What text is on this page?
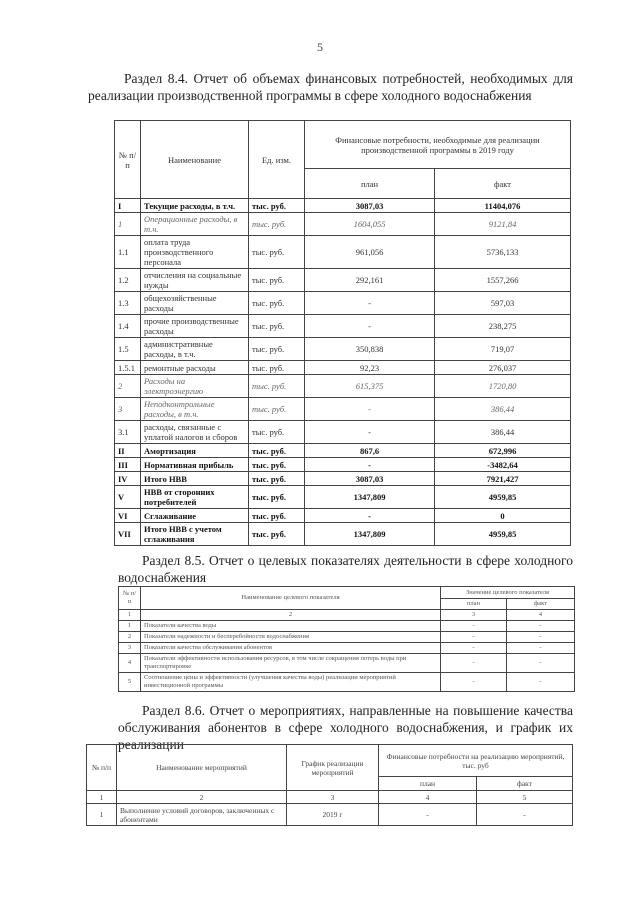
5
Раздел 8.4. Отчет об объемах финансовых потребностей, необходимых для реализации производственной программы в сфере холодного водоснабжения
№ п/п	Наименование	Ед. изм.	Финансовые потребности, необходимые для реализации производственной программы в 2019 году	
			план	факт
I	Текущие расходы, в т.ч.	тыс. руб.	3087,03	11404,076
1	Операционные расходы, в т.ч.	тыс. руб.	1604,055	9121,84
1.1	оплата труда производственного персонала	тыс. руб.	961,056	5736,133
1.2	отчисления на социальные нужды	тыс. руб.	292,161	1557,266
1.3	общехозяйственные расходы	тыс. руб.	-	597,03
1.4	прочие производственные расходы	тыс. руб.	-	238,275
1.5	административные расходы, в т.ч.	тыс. руб.	350,838	719,07
1.5.1	ремонтные расходы	тыс. руб.	92,23	276,037
2	Расходы на электроэнергию	тыс. руб.	615,375	1720,80
3	Неподконтрольные расходы, в т.ч.	тыс. руб.	-	386,44
3.1	расходы, связанные с уплатой налогов и сборов	тыс. руб.	-	386,44
II	Амортизация	тыс. руб.	867,6	672,996
III	Нормативная прибыль	тыс. руб.	-	-3482,64
IV	Итого НВВ	тыс. руб.	3087,03	7921,427
V	НВВ от сторонних потребителей	тыс. руб.	1347,809	4959,85
VI	Сглаживание	тыс. руб.	-	0
VII	Итого НВВ с учетом сглаживания	тыс. руб.	1347,809	4959,85
Раздел 8.5. Отчет о целевых показателях деятельности в сфере холодного водоснабжения
№ п/п	Наименование целевого показателя	Значение целевого показателя	
		план	факт
1	2	3	4
1	Показатели качества воды	-	-
2	Показатели надежности и бесперебойности водоснабжения	-	-
3	Показатели качества обслуживания абонентов	-	-
4	Показатели эффективности использования ресурсов, в том числе сокращения потерь воды при транспортировке	-	-
5	Соотношение цены и эффективности (улучшения качества воды) реализации мероприятий инвестиционной программы	-	-
Раздел 8.6. Отчет о мероприятиях, направленные на повышение качества обслуживания абонентов в сфере холодного водоснабжения, и график их реализации
№ п/п	Наименование мероприятий	График реализации мероприятий	Финансовые потребности на реализацию мероприятий, тыс. руб	
			план	факт
1	2	3	4	5
1	Выполнение условий договоров, заключенных с абонентами	2019 г	-	-
